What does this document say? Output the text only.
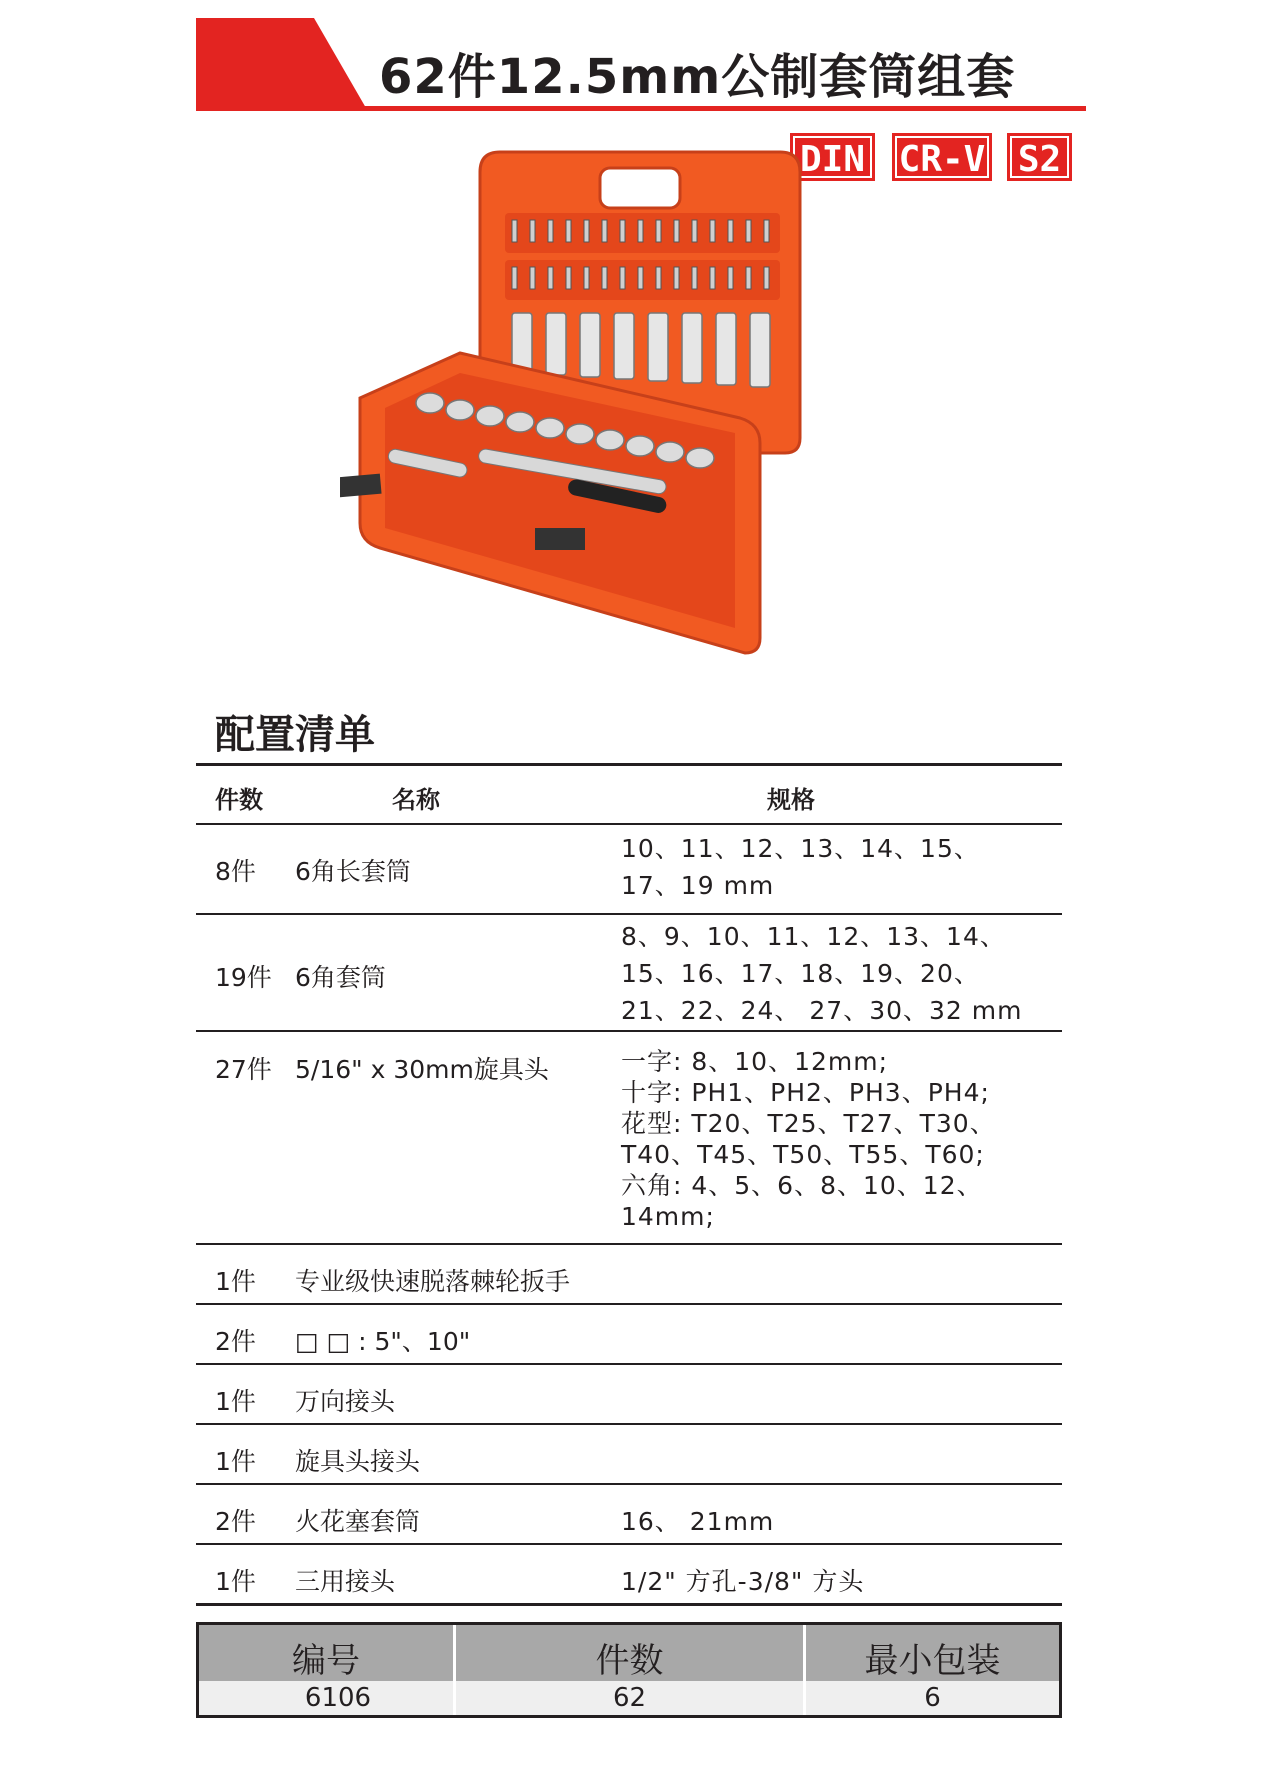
62件12.5mm公制套筒组套
DIN CR-V S2
配置清单
件数	名称	规格
8件 6角长套筒
10、11、12、13、14、15、
17、19 mm
19件 6角套筒
8、9、10、11、12、13、14、
15、16、17、18、19、20、
21、22、24、 27、30、32 mm
27件 5/16" x 30mm旋具头	一字: 8、10、12mm;
十字: PH1、PH2、PH3、PH4;
花型: T20、T25、T27、T30、
T40、T45、T50、T55、T60;
六角: 4、5、6、8、10、12、
14mm;
1件 专业级快速脱落棘轮扳手
2件 □ □ : 5"、10"
1件 万向接头
1件 旋具头接头
2件 火花塞套筒	16、 21mm
1件 三用接头	1/2" 方孔-3/8" 方头
编号	件数	最小包装
6106	62	6
